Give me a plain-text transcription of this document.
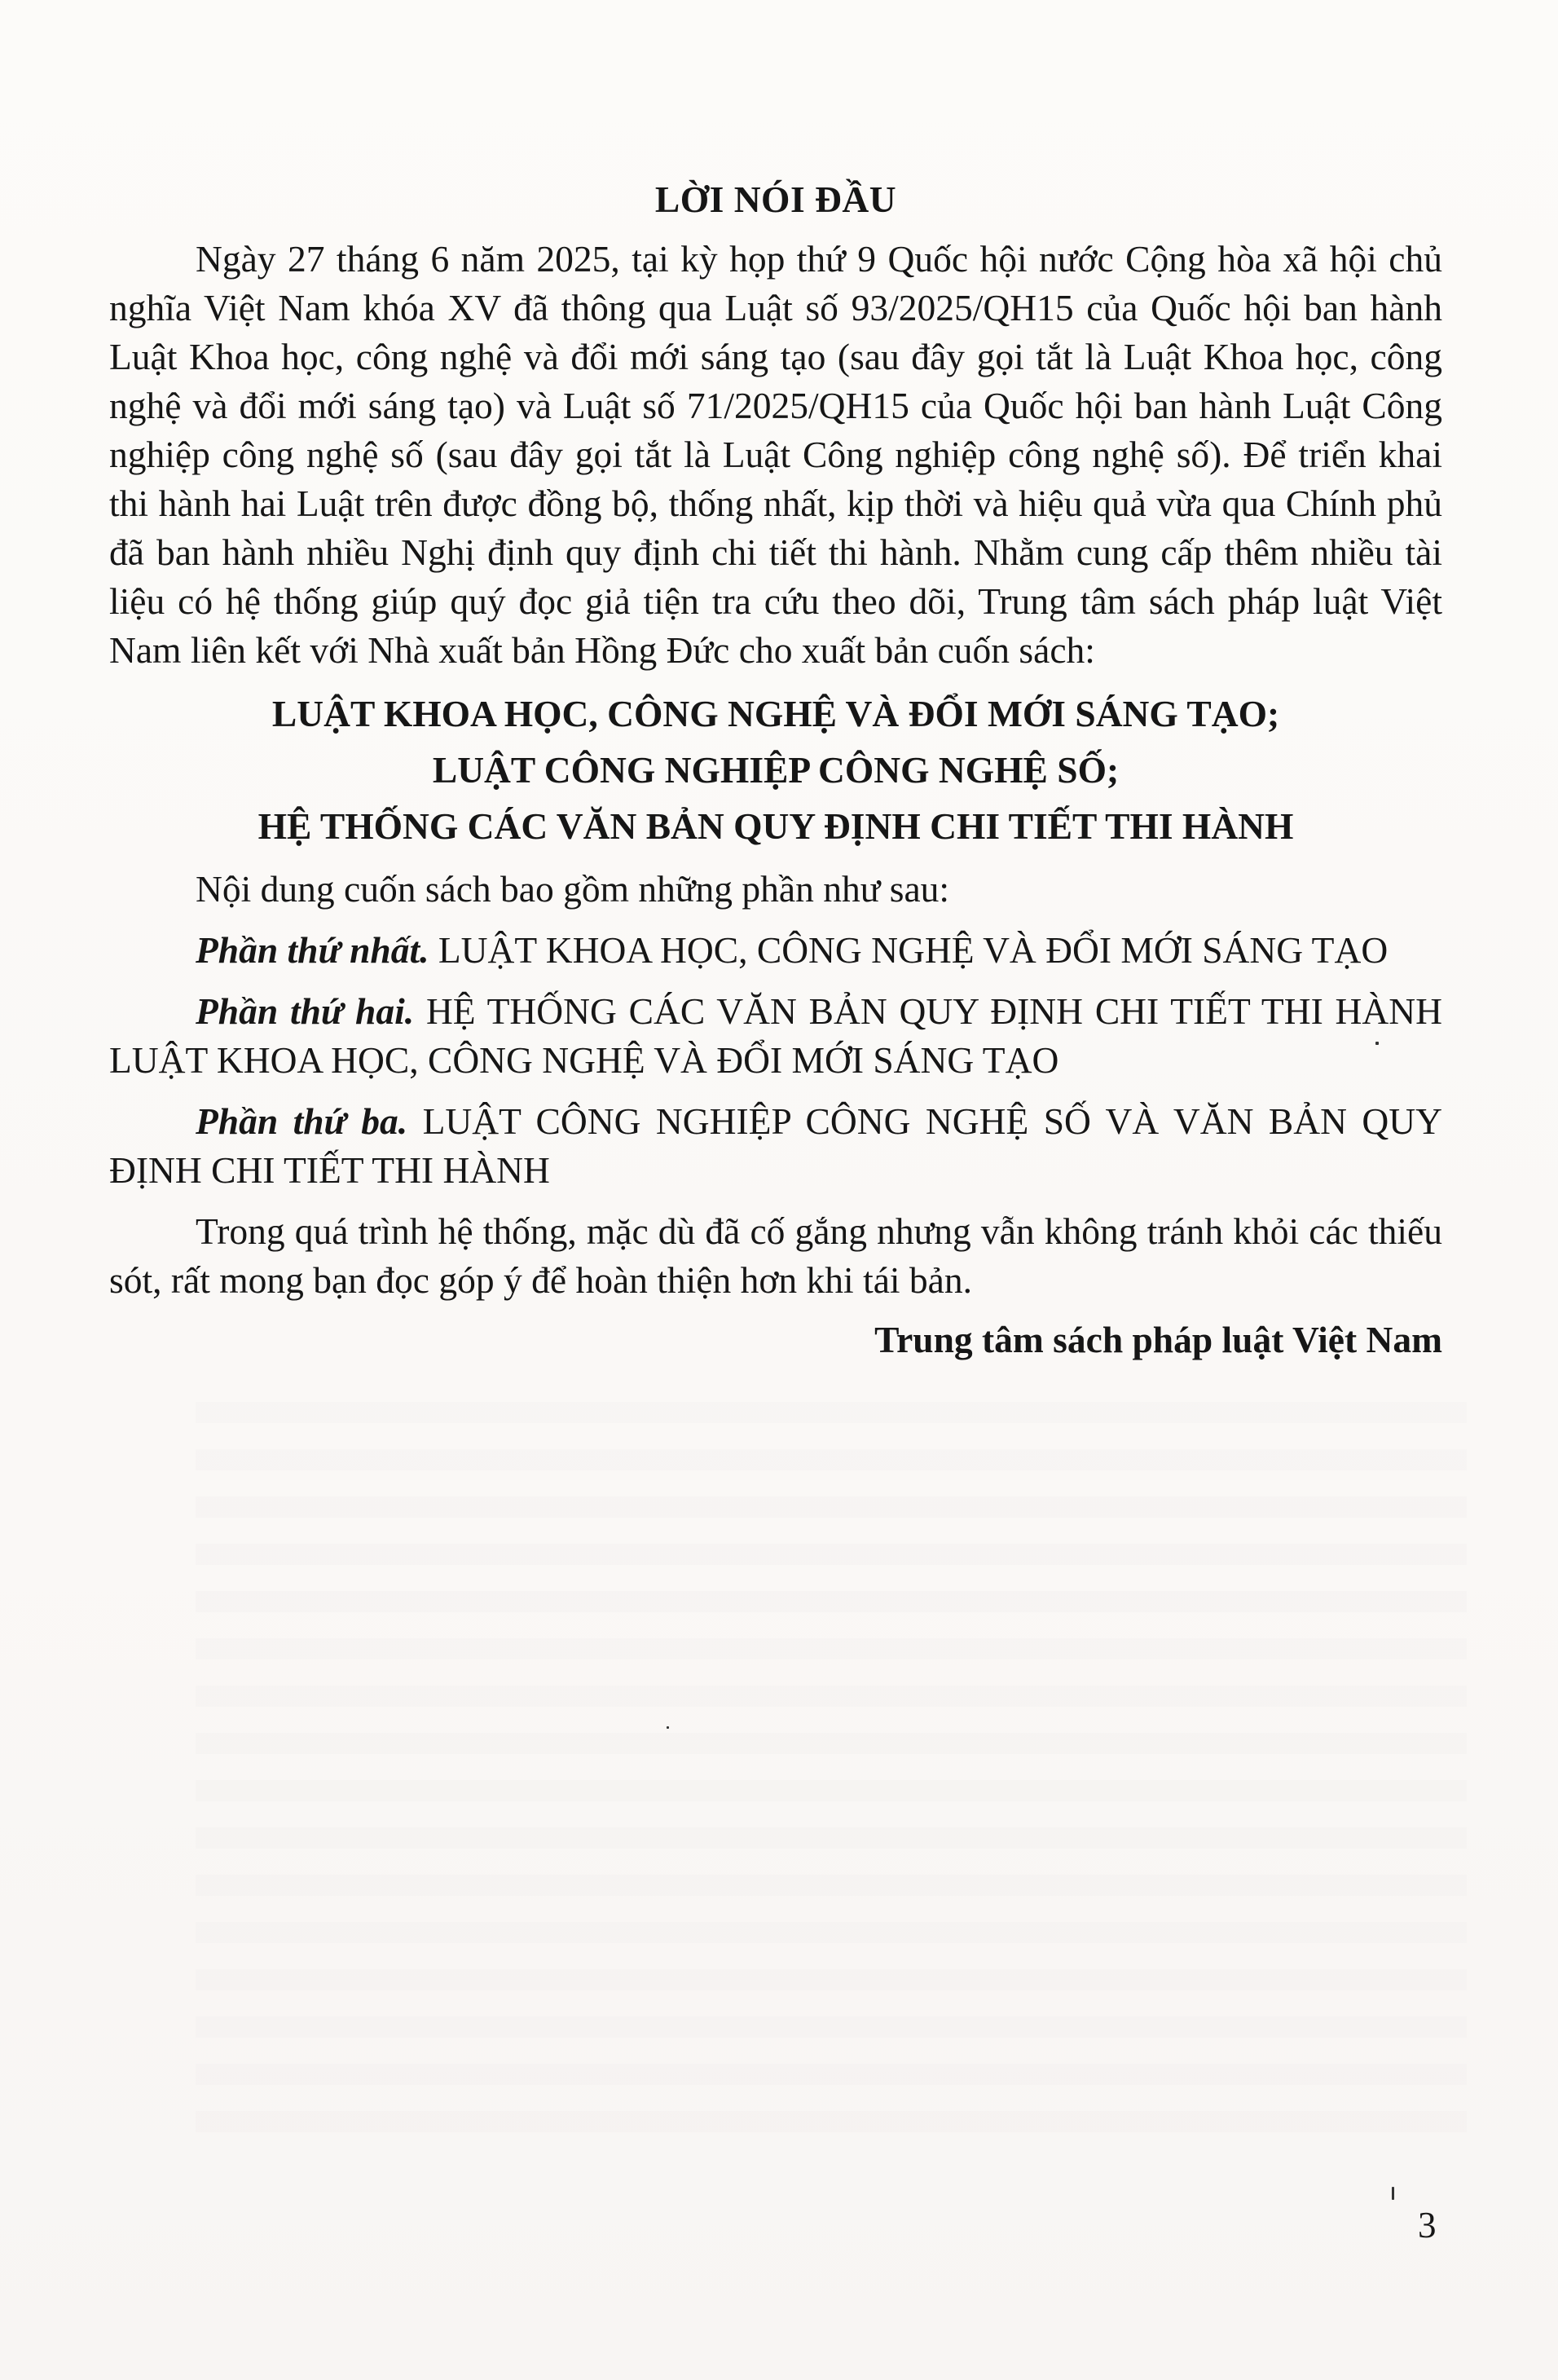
LỜI NÓI ĐẦU

Ngày 27 tháng 6 năm 2025, tại kỳ họp thứ 9 Quốc hội nước Cộng hòa xã hội chủ nghĩa Việt Nam khóa XV đã thông qua Luật số 93/2025/QH15 của Quốc hội ban hành Luật Khoa học, công nghệ và đổi mới sáng tạo (sau đây gọi tắt là Luật Khoa học, công nghệ và đổi mới sáng tạo) và Luật số 71/2025/QH15 của Quốc hội ban hành Luật Công nghiệp công nghệ số (sau đây gọi tắt là Luật Công nghiệp công nghệ số). Để triển khai thi hành hai Luật trên được đồng bộ, thống nhất, kịp thời và hiệu quả vừa qua Chính phủ đã ban hành nhiều Nghị định quy định chi tiết thi hành. Nhằm cung cấp thêm nhiều tài liệu có hệ thống giúp quý đọc giả tiện tra cứu theo dõi, Trung tâm sách pháp luật Việt Nam liên kết với Nhà xuất bản Hồng Đức cho xuất bản cuốn sách:

LUẬT KHOA HỌC, CÔNG NGHỆ VÀ ĐỔI MỚI SÁNG TẠO;
LUẬT CÔNG NGHIỆP CÔNG NGHỆ SỐ;
HỆ THỐNG CÁC VĂN BẢN QUY ĐỊNH CHI TIẾT THI HÀNH

Nội dung cuốn sách bao gồm những phần như sau:

Phần thứ nhất. LUẬT KHOA HỌC, CÔNG NGHỆ VÀ ĐỔI MỚI SÁNG TẠO

Phần thứ hai. HỆ THỐNG CÁC VĂN BẢN QUY ĐỊNH CHI TIẾT THI HÀNH LUẬT KHOA HỌC, CÔNG NGHỆ VÀ ĐỔI MỚI SÁNG TẠO

Phần thứ ba. LUẬT CÔNG NGHIỆP CÔNG NGHỆ SỐ VÀ VĂN BẢN QUY ĐỊNH CHI TIẾT THI HÀNH

Trong quá trình hệ thống, mặc dù đã cố gắng nhưng vẫn không tránh khỏi các thiếu sót, rất mong bạn đọc góp ý để hoàn thiện hơn khi tái bản.

Trung tâm sách pháp luật Việt Nam
3
